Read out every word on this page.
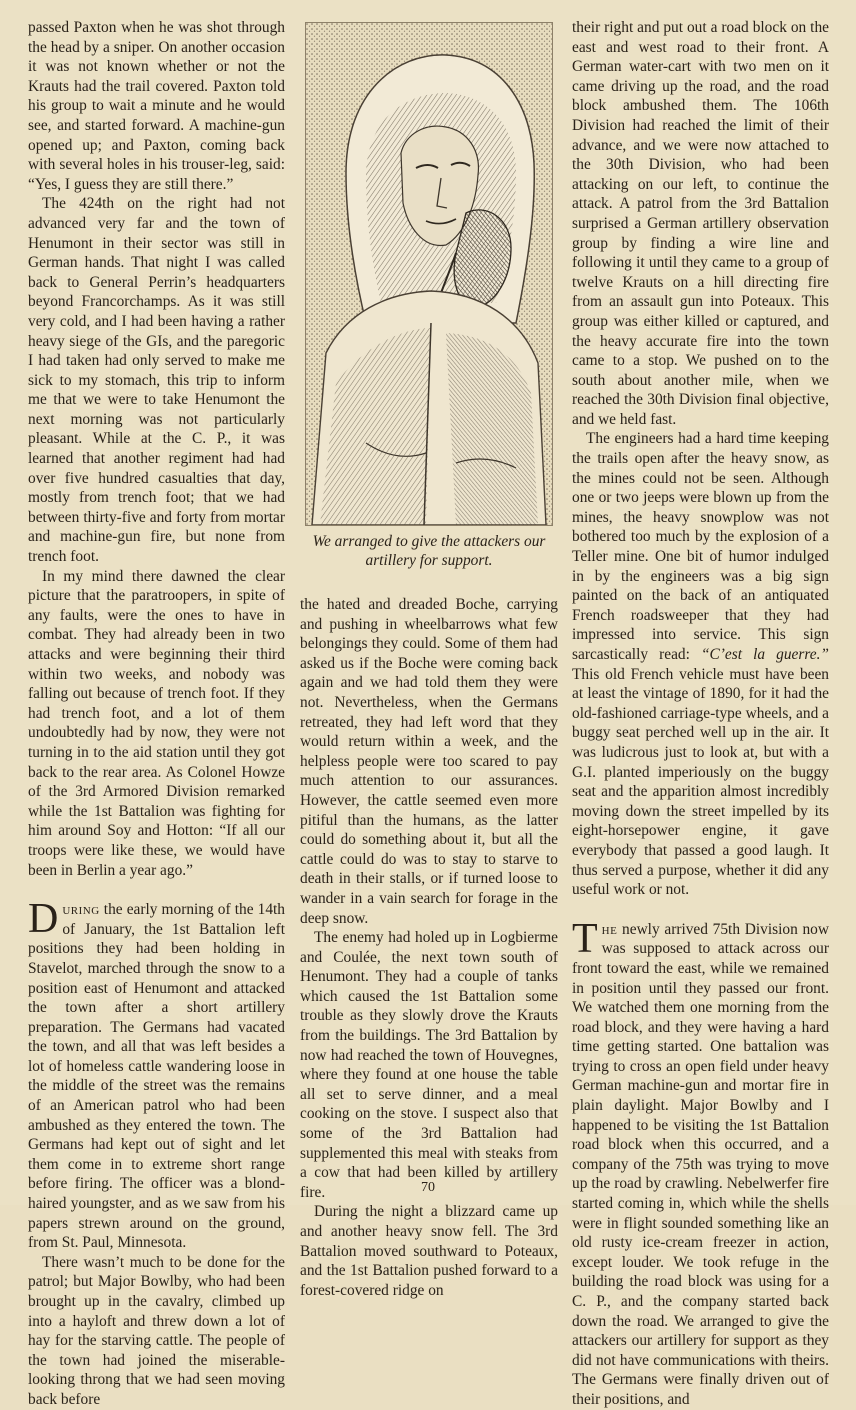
passed Paxton when he was shot through the head by a sniper. On another occasion it was not known whether or not the Krauts had the trail covered. Paxton told his group to wait a minute and he would see, and started forward. A machine-gun opened up; and Paxton, coming back with several holes in his trouser-leg, said: “Yes, I guess they are still there.”

The 424th on the right had not advanced very far and the town of Henumont in their sector was still in German hands. That night I was called back to General Perrin’s headquarters beyond Francorchamps. As it was still very cold, and I had been having a rather heavy siege of the GIs, and the paregoric I had taken had only served to make me sick to my stomach, this trip to inform me that we were to take Henumont the next morning was not particularly pleasant. While at the C. P., it was learned that another regiment had had over five hundred casualties that day, mostly from trench foot; that we had between thirty-five and forty from mortar and machine-gun fire, but none from trench foot.

In my mind there dawned the clear picture that the paratroopers, in spite of any faults, were the ones to have in combat. They had already been in two attacks and were beginning their third within two weeks, and nobody was falling out because of trench foot. If they had trench foot, and a lot of them undoubtedly had by now, they were not turning in to the aid station until they got back to the rear area. As Colonel Howze of the 3rd Armored Division remarked while the 1st Battalion was fighting for him around Soy and Hotton: “If all our troops were like these, we would have been in Berlin a year ago.”

During the early morning of the 14th of January, the 1st Battalion left positions they had been holding in Stavelot, marched through the snow to a position east of Henumont and attacked the town after a short artillery preparation. The Germans had vacated the town, and all that was left besides a lot of homeless cattle wandering loose in the middle of the street was the remains of an American patrol who had been ambushed as they entered the town. The Germans had kept out of sight and let them come in to extreme short range before firing. The officer was a blond-haired youngster, and as we saw from his papers strewn around on the ground, from St. Paul, Minnesota.

There wasn’t much to be done for the patrol; but Major Bowlby, who had been brought up in the cavalry, climbed up into a hayloft and threw down a lot of hay for the starving cattle. The people of the town had joined the miserable-looking throng that we had seen moving back before

We arranged to give the attackers our artillery for support.

the hated and dreaded Boche, carrying and pushing in wheelbarrows what few belongings they could. Some of them had asked us if the Boche were coming back again and we had told them they were not. Nevertheless, when the Germans retreated, they had left word that they would return within a week, and the helpless people were too scared to pay much attention to our assurances. However, the cattle seemed even more pitiful than the humans, as the latter could do something about it, but all the cattle could do was to stay to starve to death in their stalls, or if turned loose to wander in a vain search for forage in the deep snow.

The enemy had holed up in Logbierme and Coulée, the next town south of Henumont. They had a couple of tanks which caused the 1st Battalion some trouble as they slowly drove the Krauts from the buildings. The 3rd Battalion by now had reached the town of Houvegnes, where they found at one house the table all set to serve dinner, and a meal cooking on the stove. I suspect also that some of the 3rd Battalion had supplemented this meal with steaks from a cow that had been killed by artillery fire.

During the night a blizzard came up and another heavy snow fell. The 3rd Battalion moved southward to Poteaux, and the 1st Battalion pushed forward to a forest-covered ridge on

their right and put out a road block on the east and west road to their front. A German water-cart with two men on it came driving up the road, and the road block ambushed them. The 106th Division had reached the limit of their advance, and we were now attached to the 30th Division, who had been attacking on our left, to continue the attack. A patrol from the 3rd Battalion surprised a German artillery observation group by finding a wire line and following it until they came to a group of twelve Krauts on a hill directing fire from an assault gun into Poteaux. This group was either killed or captured, and the heavy accurate fire into the town came to a stop. We pushed on to the south about another mile, when we reached the 30th Division final objective, and we held fast.

The engineers had a hard time keeping the trails open after the heavy snow, as the mines could not be seen. Although one or two jeeps were blown up from the mines, the heavy snowplow was not bothered too much by the explosion of a Teller mine. One bit of humor indulged in by the engineers was a big sign painted on the back of an antiquated French roadsweeper that they had impressed into service. This sign sarcastically read: “C’est la guerre.” This old French vehicle must have been at least the vintage of 1890, for it had the old-fashioned carriage-type wheels, and a buggy seat perched well up in the air. It was ludicrous just to look at, but with a G.I. planted imperiously on the buggy seat and the apparition almost incredibly moving down the street impelled by its eight-horsepower engine, it gave everybody that passed a good laugh. It thus served a purpose, whether it did any useful work or not.

The newly arrived 75th Division now was supposed to attack across our front toward the east, while we remained in position until they passed our front. We watched them one morning from the road block, and they were having a hard time getting started. One battalion was trying to cross an open field under heavy German machine-gun and mortar fire in plain daylight. Major Bowlby and I happened to be visiting the 1st Battalion road block when this occurred, and a company of the 75th was trying to move up the road by crawling. Nebelwerfer fire started coming in, which while the shells were in flight sounded something like an old rusty ice-cream freezer in action, except louder. We took refuge in the building the road block was using for a C. P., and the company started back down the road. We arranged to give the attackers our artillery for support as they did not have communications with theirs. The Germans were finally driven out of their positions, and

70
